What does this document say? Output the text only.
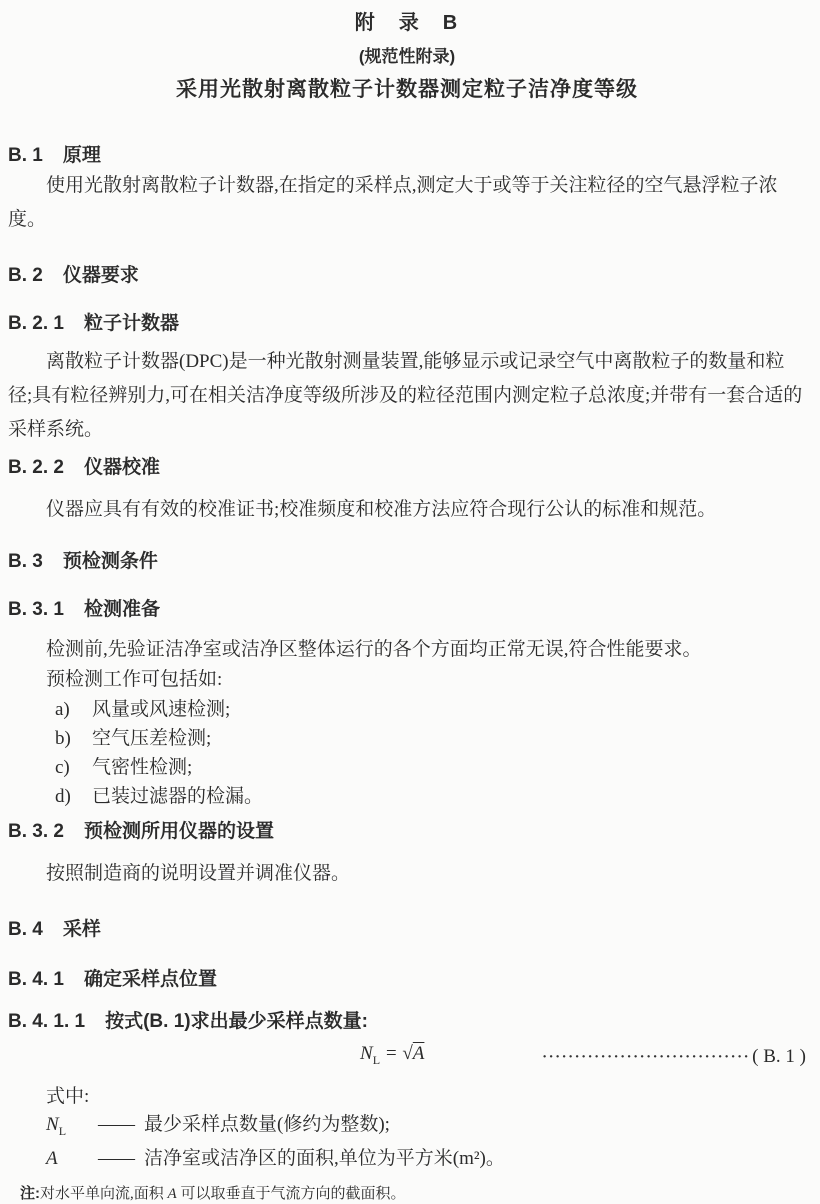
附　录　B
(规范性附录)
采用光散射离散粒子计数器测定粒子洁净度等级
B. 1 原理

使用光散射离散粒子计数器,在指定的采样点,测定大于或等于关注粒径的空气悬浮粒子浓度。

B. 2 仪器要求
B. 2. 1 粒子计数器

离散粒子计数器(DPC)是一种光散射测量装置,能够显示或记录空气中离散粒子的数量和粒径;具有粒径辨别力,可在相关洁净度等级所涉及的粒径范围内测定粒子总浓度;并带有一套合适的采样系统。

B. 2. 2 仪器校准

仪器应具有有效的校准证书;校准频度和校准方法应符合现行公认的标准和规范。

B. 3 预检测条件
B. 3. 1 检测准备

检测前,先验证洁净室或洁净区整体运行的各个方面均正常无误,符合性能要求。

预检测工作可包括如:

a)	风量或风速检测;
b)	空气压差检测;
c)	气密性检测;
d)	已装过滤器的检漏。
B. 3. 2 预检测所用仪器的设置

按照制造商的说明设置并调准仪器。

B. 4 采样
B. 4. 1 确定采样点位置
B. 4. 1. 1 按式(B. 1)求出最少采样点数量:
$N_L = √A$	································ ( B. 1 )
式中:
$N_L$	—— 最少采样点数量(修约为整数);
A	—— 洁净室或洁净区的面积,单位为平方米(m²)。
注:对水平单向流,面积 A 可以取垂直于气流方向的截面积。
